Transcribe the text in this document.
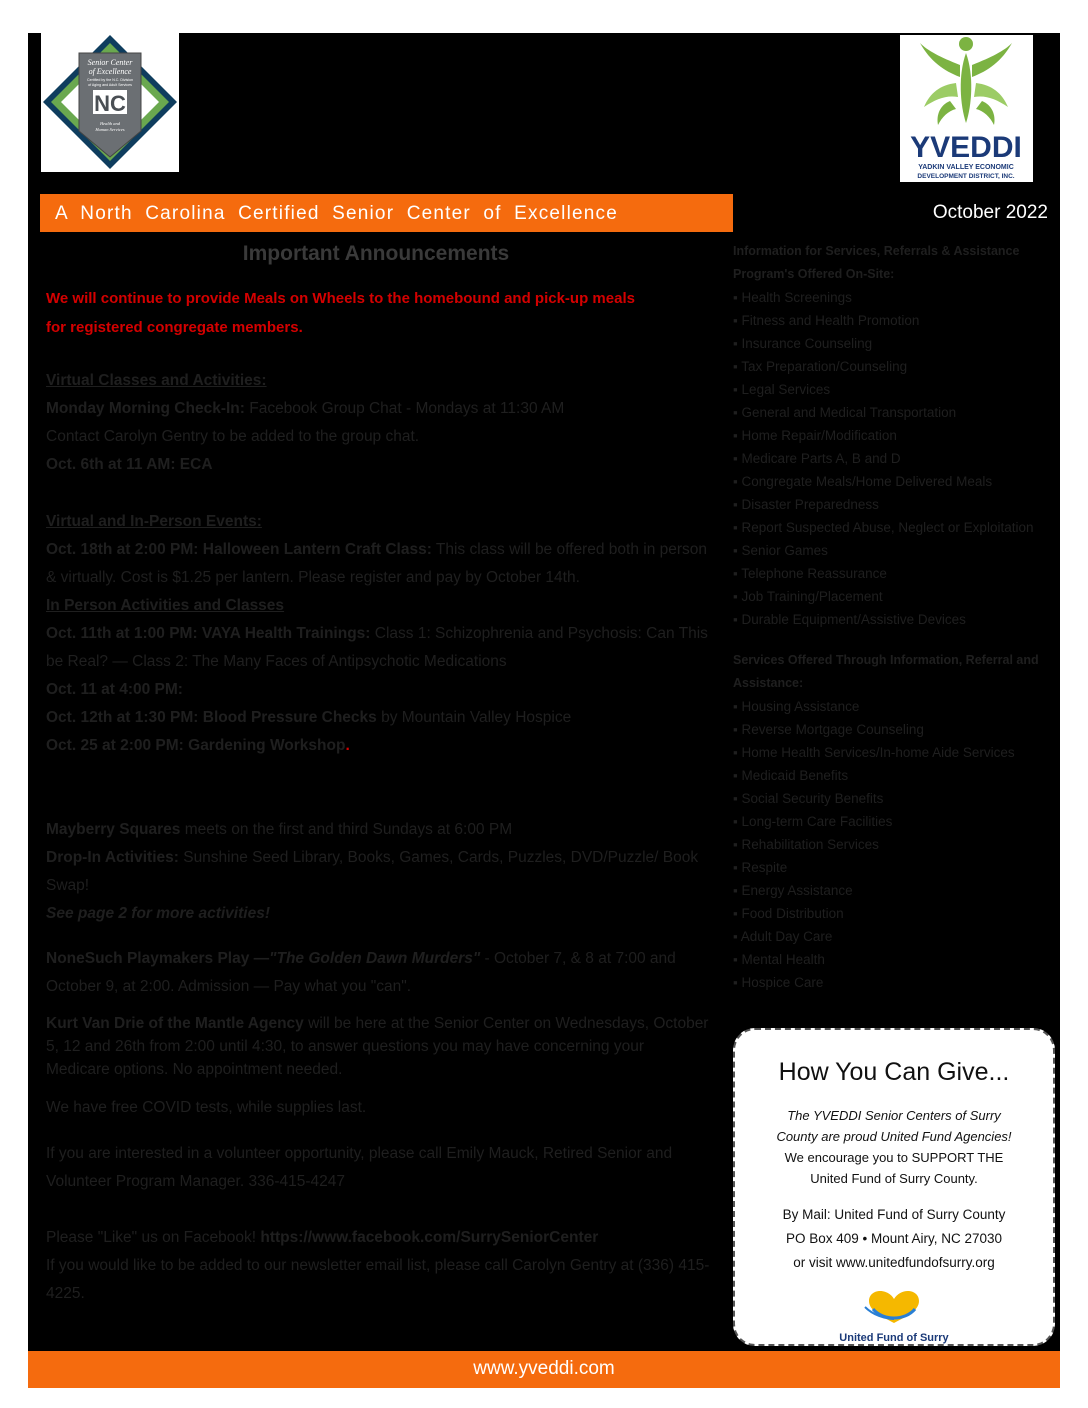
Senior Center
of Excellence
Certified by the N.C. Division
of Aging and Adult Services
NC
Health and
Human Services
YVEDDI
YADKIN VALLEY ECONOMIC
DEVELOPMENT DISTRICT, INC.
A North Carolina Certified Senior Center of Excellence	October 2022
Important Announcements
We will continue to provide Meals on Wheels to the homebound and pick-up meals for registered congregate members.
Virtual Classes and Activities:
Monday Morning Check-In: Facebook Group Chat - Mondays at 11:30 AM
Contact Carolyn Gentry to be added to the group chat.
Oct. 6th at 11 AM: ECA
Virtual and In-Person Events:
Oct. 18th at 2:00 PM: Halloween Lantern Craft Class: This class will be offered both in person & virtually. Cost is $1.25 per lantern. Please register and pay by October 14th.
In Person Activities and Classes
Oct. 11th at 1:00 PM: VAYA Health Trainings: Class 1: Schizophrenia and Psychosis: Can This be Real? — Class 2: The Many Faces of Antipsychotic Medications
Oct. 11 at 4:00 PM:
Oct. 12th at 1:30 PM: Blood Pressure Checks by Mountain Valley Hospice
Oct. 25 at 2:00 PM: Gardening Workshop.
Mayberry Squares meets on the first and third Sundays at 6:00 PM
Drop-In Activities: Sunshine Seed Library, Books, Games, Cards, Puzzles, DVD/Puzzle/ Book Swap!
See page 2 for more activities!
NoneSuch Playmakers Play —"The Golden Dawn Murders" - October 7, & 8 at 7:00 and October 9, at 2:00. Admission — Pay what you "can".
Kurt Van Drie of the Mantle Agency will be here at the Senior Center on Wednesdays, October 5, 12 and 26th from 2:00 until 4:30, to answer questions you may have concerning your Medicare options. No appointment needed.
We have free COVID tests, while supplies last.
If you are interested in a volunteer opportunity, please call Emily Mauck, Retired Senior and Volunteer Program Manager. 336-415-4247
Please "Like" us on Facebook! https://www.facebook.com/SurrySeniorCenter
If you would like to be added to our newsletter email list, please call Carolyn Gentry at (336) 415-4225.
Information for Services, Referrals & Assistance
Program's Offered On-Site:
▪ Health Screenings
▪ Fitness and Health Promotion
▪ Insurance Counseling
▪ Tax Preparation/Counseling
▪ Legal Services
▪ General and Medical Transportation
▪ Home Repair/Modification
▪ Medicare Parts A, B and D
▪ Congregate Meals/Home Delivered Meals
▪ Disaster Preparedness
▪ Report Suspected Abuse, Neglect or Exploitation
▪ Senior Games
▪ Telephone Reassurance
▪ Job Training/Placement
▪ Durable Equipment/Assistive Devices
Services Offered Through Information, Referral and Assistance:
▪ Housing Assistance
▪ Reverse Mortgage Counseling
▪ Home Health Services/In-home Aide Services
▪ Medicaid Benefits
▪ Social Security Benefits
▪ Long-term Care Facilities
▪ Rehabilitation Services
▪ Respite
▪ Energy Assistance
▪ Food Distribution
▪ Adult Day Care
▪ Mental Health
▪ Hospice Care
How You Can Give...
The YVEDDI Senior Centers of Surry
County are proud United Fund Agencies!
We encourage you to SUPPORT THE
United Fund of Surry County.
By Mail: United Fund of Surry County
PO Box 409 • Mount Airy, NC 27030
or visit www.unitedfundofsurry.org
United Fund of Surry
www.yveddi.com
